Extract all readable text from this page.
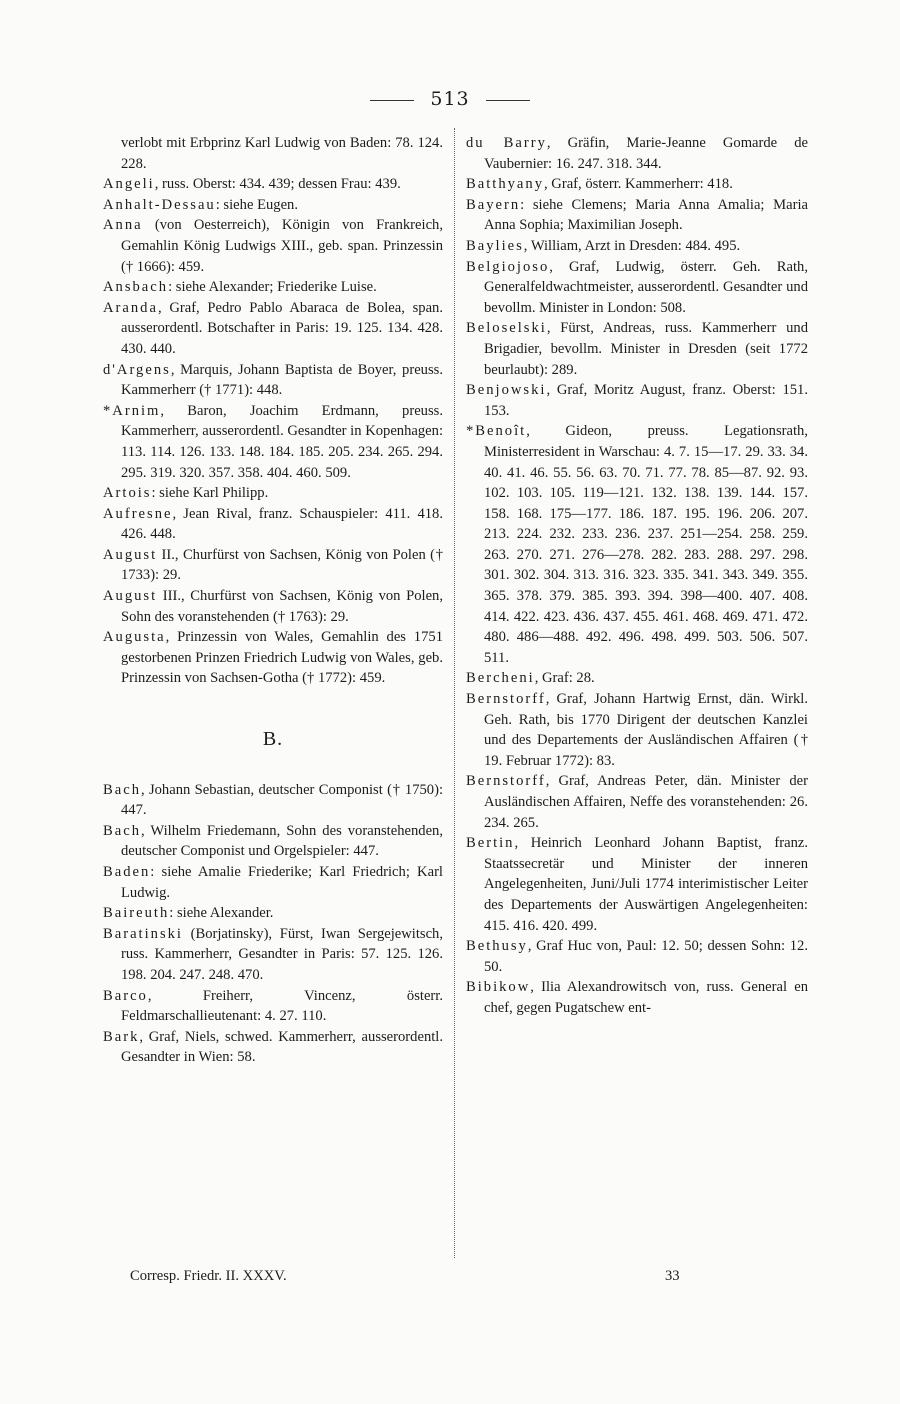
513
verlobt mit Erbprinz Karl Ludwig von Baden: 78. 124. 228.
Angeli, russ. Oberst: 434. 439; dessen Frau: 439.
Anhalt-Dessau: siehe Eugen.
Anna (von Oesterreich), Königin von Frankreich, Gemahlin König Ludwigs XIII., geb. span. Prinzessin († 1666): 459.
Ansbach: siehe Alexander; Friederike Luise.
Aranda, Graf, Pedro Pablo Abaraca de Bolea, span. ausserordentl. Botschafter in Paris: 19. 125. 134. 428. 430. 440.
d'Argens, Marquis, Johann Baptista de Boyer, preuss. Kammerherr († 1771): 448.
*Arnim, Baron, Joachim Erdmann, preuss. Kammerherr, ausserordentl. Gesandter in Kopenhagen: 113. 114. 126. 133. 148. 184. 185. 205. 234. 265. 294. 295. 319. 320. 357. 358. 404. 460. 509.
Artois: siehe Karl Philipp.
Aufresne, Jean Rival, franz. Schauspieler: 411. 418. 426. 448.
August II., Churfürst von Sachsen, König von Polen († 1733): 29.
August III., Churfürst von Sachsen, König von Polen, Sohn des voranstehenden († 1763): 29.
Augusta, Prinzessin von Wales, Gemahlin des 1751 gestorbenen Prinzen Friedrich Ludwig von Wales, geb. Prinzessin von Sachsen-Gotha († 1772): 459.
B.
Bach, Johann Sebastian, deutscher Componist († 1750): 447.
Bach, Wilhelm Friedemann, Sohn des voranstehenden, deutscher Componist und Orgelspieler: 447.
Baden: siehe Amalie Friederike; Karl Friedrich; Karl Ludwig.
Baireuth: siehe Alexander.
Baratinski (Borjatinsky), Fürst, Iwan Sergejewitsch, russ. Kammerherr, Gesandter in Paris: 57. 125. 126. 198. 204. 247. 248. 470.
Barco, Freiherr, Vincenz, österr. Feldmarschallieutenant: 4. 27. 110.
Bark, Graf, Niels, schwed. Kammerherr, ausserordentl. Gesandter in Wien: 58.
du Barry, Gräfin, Marie-Jeanne Gomarde de Vaubernier: 16. 247. 318. 344.
Batthyany, Graf, österr. Kammerherr: 418.
Bayern: siehe Clemens; Maria Anna Amalia; Maria Anna Sophia; Maximilian Joseph.
Baylies, William, Arzt in Dresden: 484. 495.
Belgiojoso, Graf, Ludwig, österr. Geh. Rath, Generalfeldwachtmeister, ausserordentl. Gesandter und bevollm. Minister in London: 508.
Beloselski, Fürst, Andreas, russ. Kammerherr und Brigadier, bevollm. Minister in Dresden (seit 1772 beurlaubt): 289.
Benjowski, Graf, Moritz August, franz. Oberst: 151. 153.
*Benoît, Gideon, preuss. Legationsrath, Ministerresident in Warschau: 4. 7. 15—17. 29. 33. 34. 40. 41. 46. 55. 56. 63. 70. 71. 77. 78. 85—87. 92. 93. 102. 103. 105. 119—121. 132. 138. 139. 144. 157. 158. 168. 175—177. 186. 187. 195. 196. 206. 207. 213. 224. 232. 233. 236. 237. 251—254. 258. 259. 263. 270. 271. 276—278. 282. 283. 288. 297. 298. 301. 302. 304. 313. 316. 323. 335. 341. 343. 349. 355. 365. 378. 379. 385. 393. 394. 398—400. 407. 408. 414. 422. 423. 436. 437. 455. 461. 468. 469. 471. 472. 480. 486—488. 492. 496. 498. 499. 503. 506. 507. 511.
Bercheni, Graf: 28.
Bernstorff, Graf, Johann Hartwig Ernst, dän. Wirkl. Geh. Rath, bis 1770 Dirigent der deutschen Kanzlei und des Departements der Ausländischen Affairen († 19. Februar 1772): 83.
Bernstorff, Graf, Andreas Peter, dän. Minister der Ausländischen Affairen, Neffe des voranstehenden: 26. 234. 265.
Bertin, Heinrich Leonhard Johann Baptist, franz. Staatssecretär und Minister der inneren Angelegenheiten, Juni/Juli 1774 interimistischer Leiter des Departements der Auswärtigen Angelegenheiten: 415. 416. 420. 499.
Bethusy, Graf Huc von, Paul: 12. 50; dessen Sohn: 12. 50.
Bibikow, Ilia Alexandrowitsch von, russ. General en chef, gegen Pugatschew ent-
Corresp. Friedr. II. XXXV.	33
